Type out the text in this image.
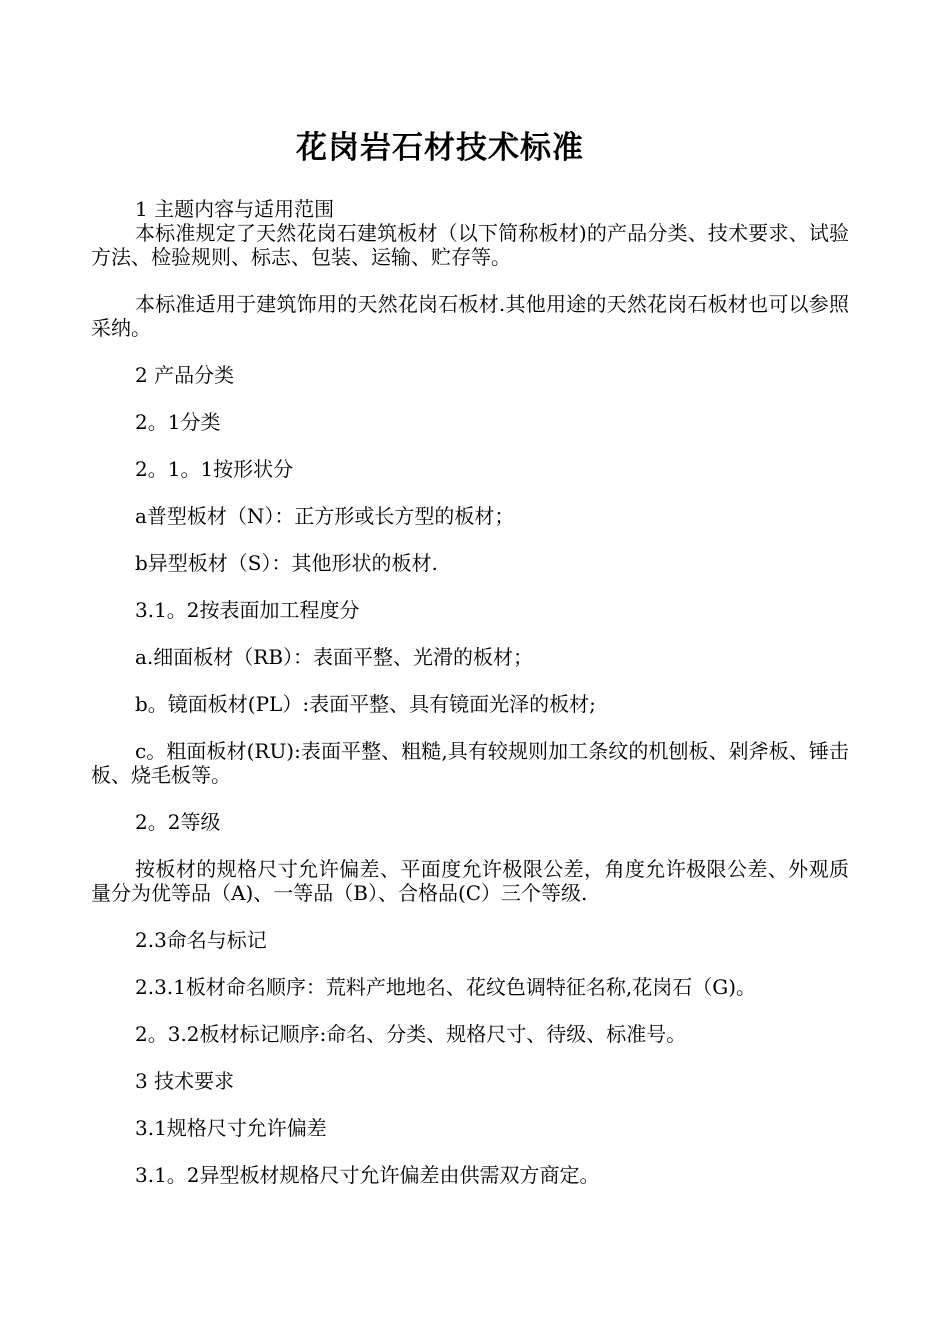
花岗岩石材技术标准

1 主题内容与适用范围

本标准规定了天然花岗石建筑板材（以下简称板材)的产品分类、技术要求、试验方法、检验规则、标志、包装、运输、贮存等。

本标准适用于建筑饰用的天然花岗石板材.其他用途的天然花岗石板材也可以参照采纳。

2 产品分类

2。1分类

2。1。1按形状分

a普型板材（N）：正方形或长方型的板材；

b异型板材（S）：其他形状的板材.

3.1。2按表面加工程度分

a.细面板材（RB）：表面平整、光滑的板材；

b。镜面板材(PL）:表面平整、具有镜面光泽的板材;

c。粗面板材(RU):表面平整、粗糙,具有较规则加工条纹的机刨板、剁斧板、锤击板、烧毛板等。

2。2等级

按板材的规格尺寸允许偏差、平面度允许极限公差，角度允许极限公差、外观质量分为优等品（A)、一等品（B）、合格品(C）三个等级.

2.3命名与标记

2.3.1板材命名顺序：荒料产地地名、花纹色调特征名称,花岗石（G)。

2。3.2板材标记顺序:命名、分类、规格尺寸、待级、标准号。

3 技术要求

3.1规格尺寸允许偏差

3.1。2异型板材规格尺寸允许偏差由供需双方商定。
